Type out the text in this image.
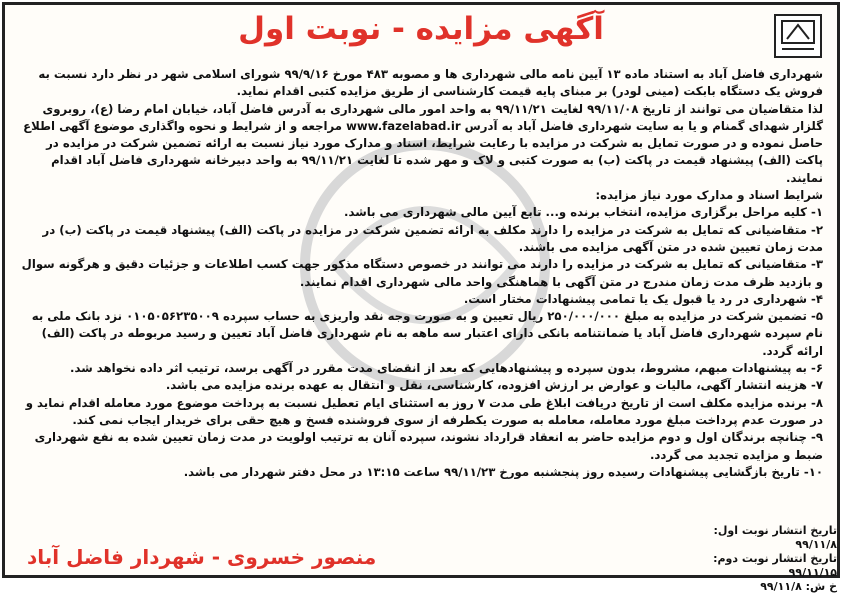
آگهی مزایده - نوبت اول

شهرداری فاضل آباد به استناد ماده ۱۳ آیین نامه مالی شهرداری ها و مصوبه ۴۸۳ مورخ ۹۹/۹/۱۶ شورای اسلامی شهر در نظر دارد نسبت به فروش یک دستگاه بابکت (مینی لودر) بر مبنای پایه قیمت کارشناسی از طریق مزایده کتبی اقدام نماید.

لذا متقاضیان می توانند از تاریخ ۹۹/۱۱/۰۸ لغایت ۹۹/۱۱/۲۱ به واحد امور مالی شهرداری به آدرس فاضل آباد، خیابان امام رضا (ع)، روبروی گلزار شهدای گمنام و یا به سایت شهرداری فاضل آباد به آدرس www.fazelabad.ir مراجعه و از شرایط و نحوه واگذاری موضوع آگهی اطلاع حاصل نموده و در صورت تمایل به شرکت در مزایده با رعایت شرایط، اسناد و مدارک مورد نیاز نسبت به ارائه تضمین شرکت در مزایده در پاکت (الف) پیشنهاد قیمت در پاکت (ب) به صورت کتبی و لاک و مهر شده تا لغایت ۹۹/۱۱/۲۱ به واحد دبیرخانه شهرداری فاضل آباد اقدام نمایند.

شرایط اسناد و مدارک مورد نیاز مزایده:

۱- کلیه مراحل برگزاری مزایده، انتخاب برنده و... تابع آیین مالی شهرداری می باشد.

۲- متقاضیانی که تمایل به شرکت در مزایده را دارند مکلف به ارائه تضمین شرکت در مزایده در پاکت (الف) پیشنهاد قیمت در پاکت (ب) در مدت زمان تعیین شده در متن آگهی مزایده می باشند.

۳- متقاضیانی که تمایل به شرکت در مزایده را دارند می توانند در خصوص دستگاه مذکور جهت کسب اطلاعات و جزئیات دقیق و هرگونه سوال و بازدید ظرف مدت زمان مندرج در متن آگهی با هماهنگی واحد مالی شهرداری اقدام نمایند.

۴- شهرداری در رد یا قبول یک یا تمامی پیشنهادات مختار است.

۵- تضمین شرکت در مزایده به مبلغ ۲۵۰/۰۰۰/۰۰۰ ریال تعیین و به صورت وجه نقد واریزی به حساب سپرده ۰۱۰۵۰۵۶۲۳۵۰۰۹ نزد بانک ملی به نام سپرده شهرداری فاضل آباد یا ضمانتنامه بانکی دارای اعتبار سه ماهه به نام شهرداری فاضل آباد تعیین و رسید مربوطه در پاکت (الف) ارائه گردد.

۶- به پیشنهادات مبهم، مشروط، بدون سپرده و پیشنهادهایی که بعد از انقضای مدت مقرر در آگهی برسد، ترتیب اثر داده نخواهد شد.

۷- هزینه انتشار آگهی، مالیات و عوارض بر ارزش افزوده، کارشناسی، نقل و انتقال به عهده برنده مزایده می باشد.

۸- برنده مزایده مکلف است از تاریخ دریافت ابلاغ طی مدت ۷ روز به استثنای ایام تعطیل نسبت به پرداخت موضوع مورد معامله اقدام نماید و در صورت عدم پرداخت مبلغ مورد معامله، معامله به صورت یکطرفه از سوی فروشنده فسخ و هیچ حقی برای خریدار ایجاب نمی کند.

۹- چنانچه برندگان اول و دوم مزایده حاضر به انعقاد قرارداد نشوند، سپرده آنان به ترتیب اولویت در مدت زمان تعیین شده به نفع شهرداری ضبط و مزایده تجدید می گردد.

۱۰- تاریخ بازگشایی پیشنهادات رسیده روز پنجشنبه مورخ ۹۹/۱۱/۲۳ ساعت ۱۳:۱۵ در محل دفتر شهردار می باشد.

تاریخ انتشار نوبت اول: ۹۹/۱۱/۸
تاریخ انتشار نوبت دوم: ۹۹/۱۱/۱۵
خ ش: ۹۹/۱۱/۸
منصور خسروی - شهردار فاضل آباد
